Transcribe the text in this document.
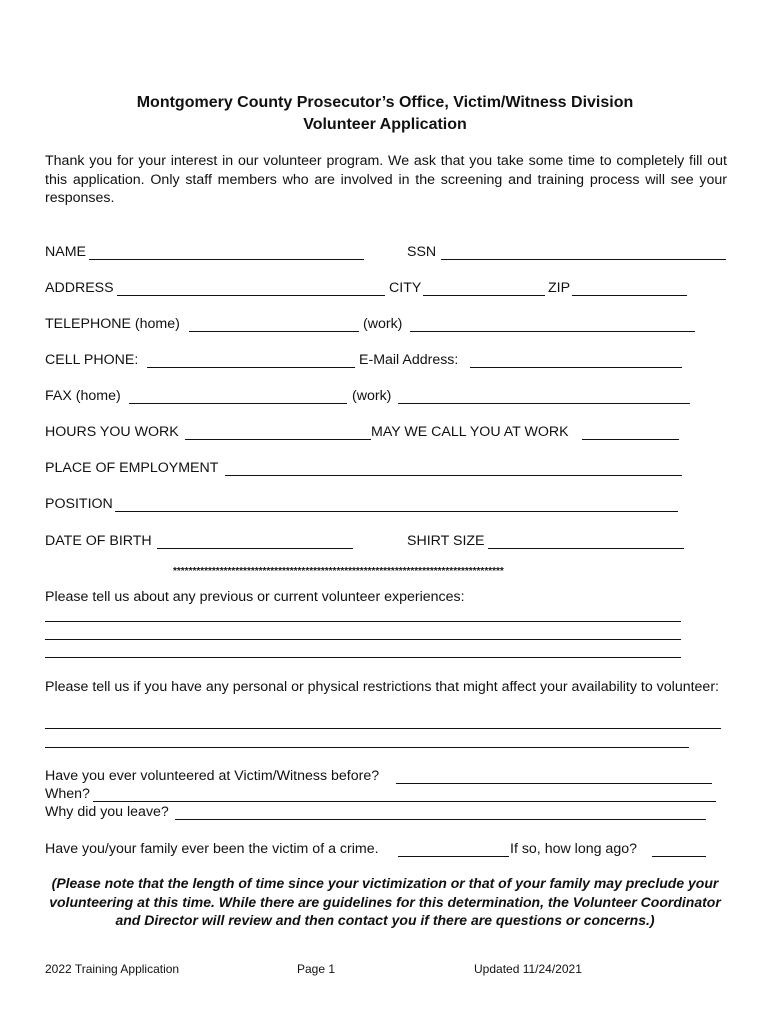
Montgomery County Prosecutor’s Office, Victim/Witness Division
Volunteer Application
Thank you for your interest in our volunteer program. We ask that you take some time to completely fill out this application. Only staff members who are involved in the screening and training process will see your responses.
NAME	SSN
ADDRESS	CITY	ZIP
TELEPHONE (home)	(work)
CELL PHONE:	E-Mail Address:
FAX (home)	(work)
HOURS YOU WORK	MAY WE CALL YOU AT WORK
PLACE OF EMPLOYMENT
POSITION
DATE OF BIRTH	SHIRT SIZE
*************************************************************************************
Please tell us about any previous or current volunteer experiences:
Please tell us if you have any personal or physical restrictions that might affect your availability to volunteer:
Have you ever volunteered at Victim/Witness before?
When?
Why did you leave?
Have you/your family ever been the victim of a crime.	If so, how long ago?
(Please note that the length of time since your victimization or that of your family may preclude your volunteering at this time. While there are guidelines for this determination, the Volunteer Coordinator and Director will review and then contact you if there are questions or concerns.)
2022 Training Application	Page 1	Updated 11/24/2021
